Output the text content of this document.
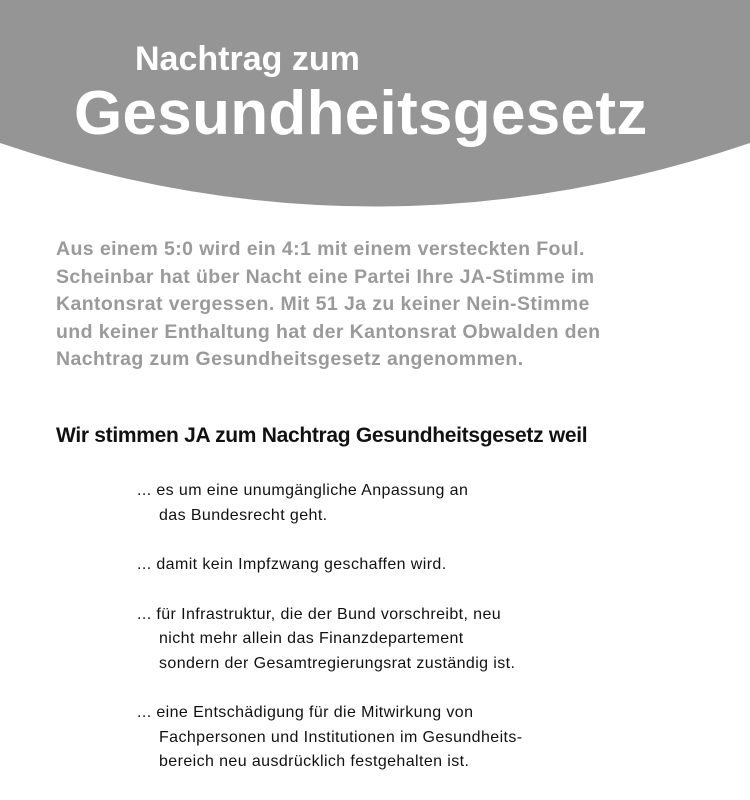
Nachtrag zum
Gesundheitsgesetz
Aus einem 5:0 wird ein 4:1 mit einem versteckten Foul.
Scheinbar hat über Nacht eine Partei Ihre JA-Stimme im
Kantonsrat vergessen. Mit 51 Ja zu keiner Nein-Stimme
und keiner Enthaltung hat der Kantonsrat Obwalden den
Nachtrag zum Gesundheitsgesetz angenommen.
Wir stimmen JA zum Nachtrag Gesundheitsgesetz weil
... es um eine unumgängliche Anpassung an
das Bundesrecht geht.
... damit kein Impfzwang geschaffen wird.
... für Infrastruktur, die der Bund vorschreibt, neu
nicht mehr allein das Finanzdepartement
sondern der Gesamtregierungsrat zuständig ist.
... eine Entschädigung für die Mitwirkung von
Fachpersonen und Institutionen im Gesundheits-
bereich neu ausdrücklich festgehalten ist.
